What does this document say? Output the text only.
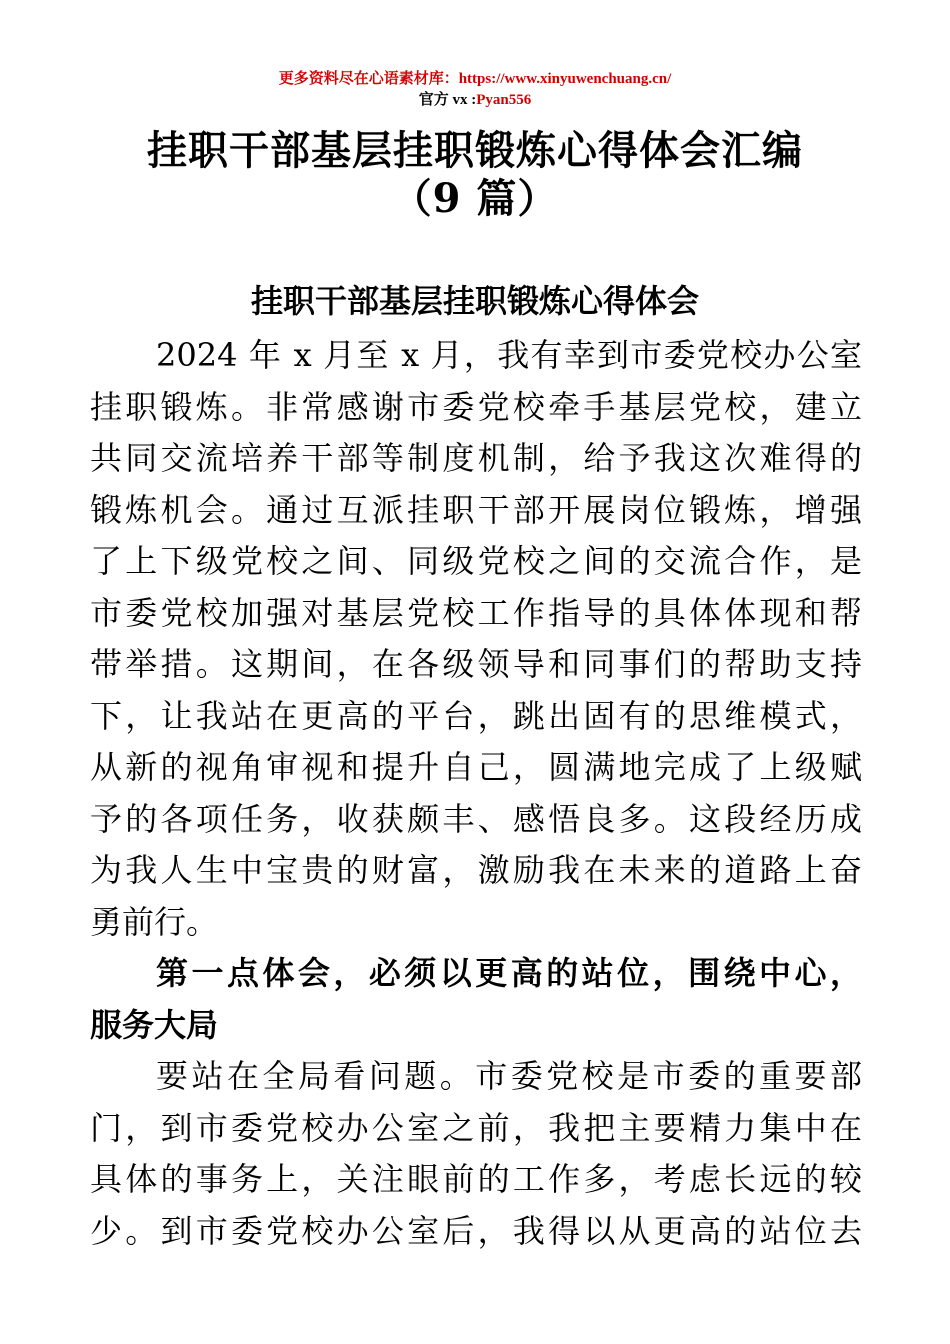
更多资料尽在心语素材库：https://www.xinyuwenchuang.cn/
官方 vx :Pyan556
挂职干部基层挂职锻炼心得体会汇编
（9 篇）
挂职干部基层挂职锻炼心得体会
2024 年 x 月至 x 月，我有幸到市委党校办公室
挂职锻炼。非常感谢市委党校牵手基层党校，建立
共同交流培养干部等制度机制，给予我这次难得的
锻炼机会。通过互派挂职干部开展岗位锻炼，增强
了上下级党校之间、同级党校之间的交流合作，是
市委党校加强对基层党校工作指导的具体体现和帮
带举措。这期间，在各级领导和同事们的帮助支持
下，让我站在更高的平台，跳出固有的思维模式，
从新的视角审视和提升自己，圆满地完成了上级赋
予的各项任务，收获颇丰、感悟良多。这段经历成
为我人生中宝贵的财富，激励我在未来的道路上奋
勇前行。
第一点体会，必须以更高的站位，围绕中心，
服务大局
要站在全局看问题。市委党校是市委的重要部
门，到市委党校办公室之前，我把主要精力集中在
具体的事务上，关注眼前的工作多，考虑长远的较
少。到市委党校办公室后，我得以从更高的站位去
